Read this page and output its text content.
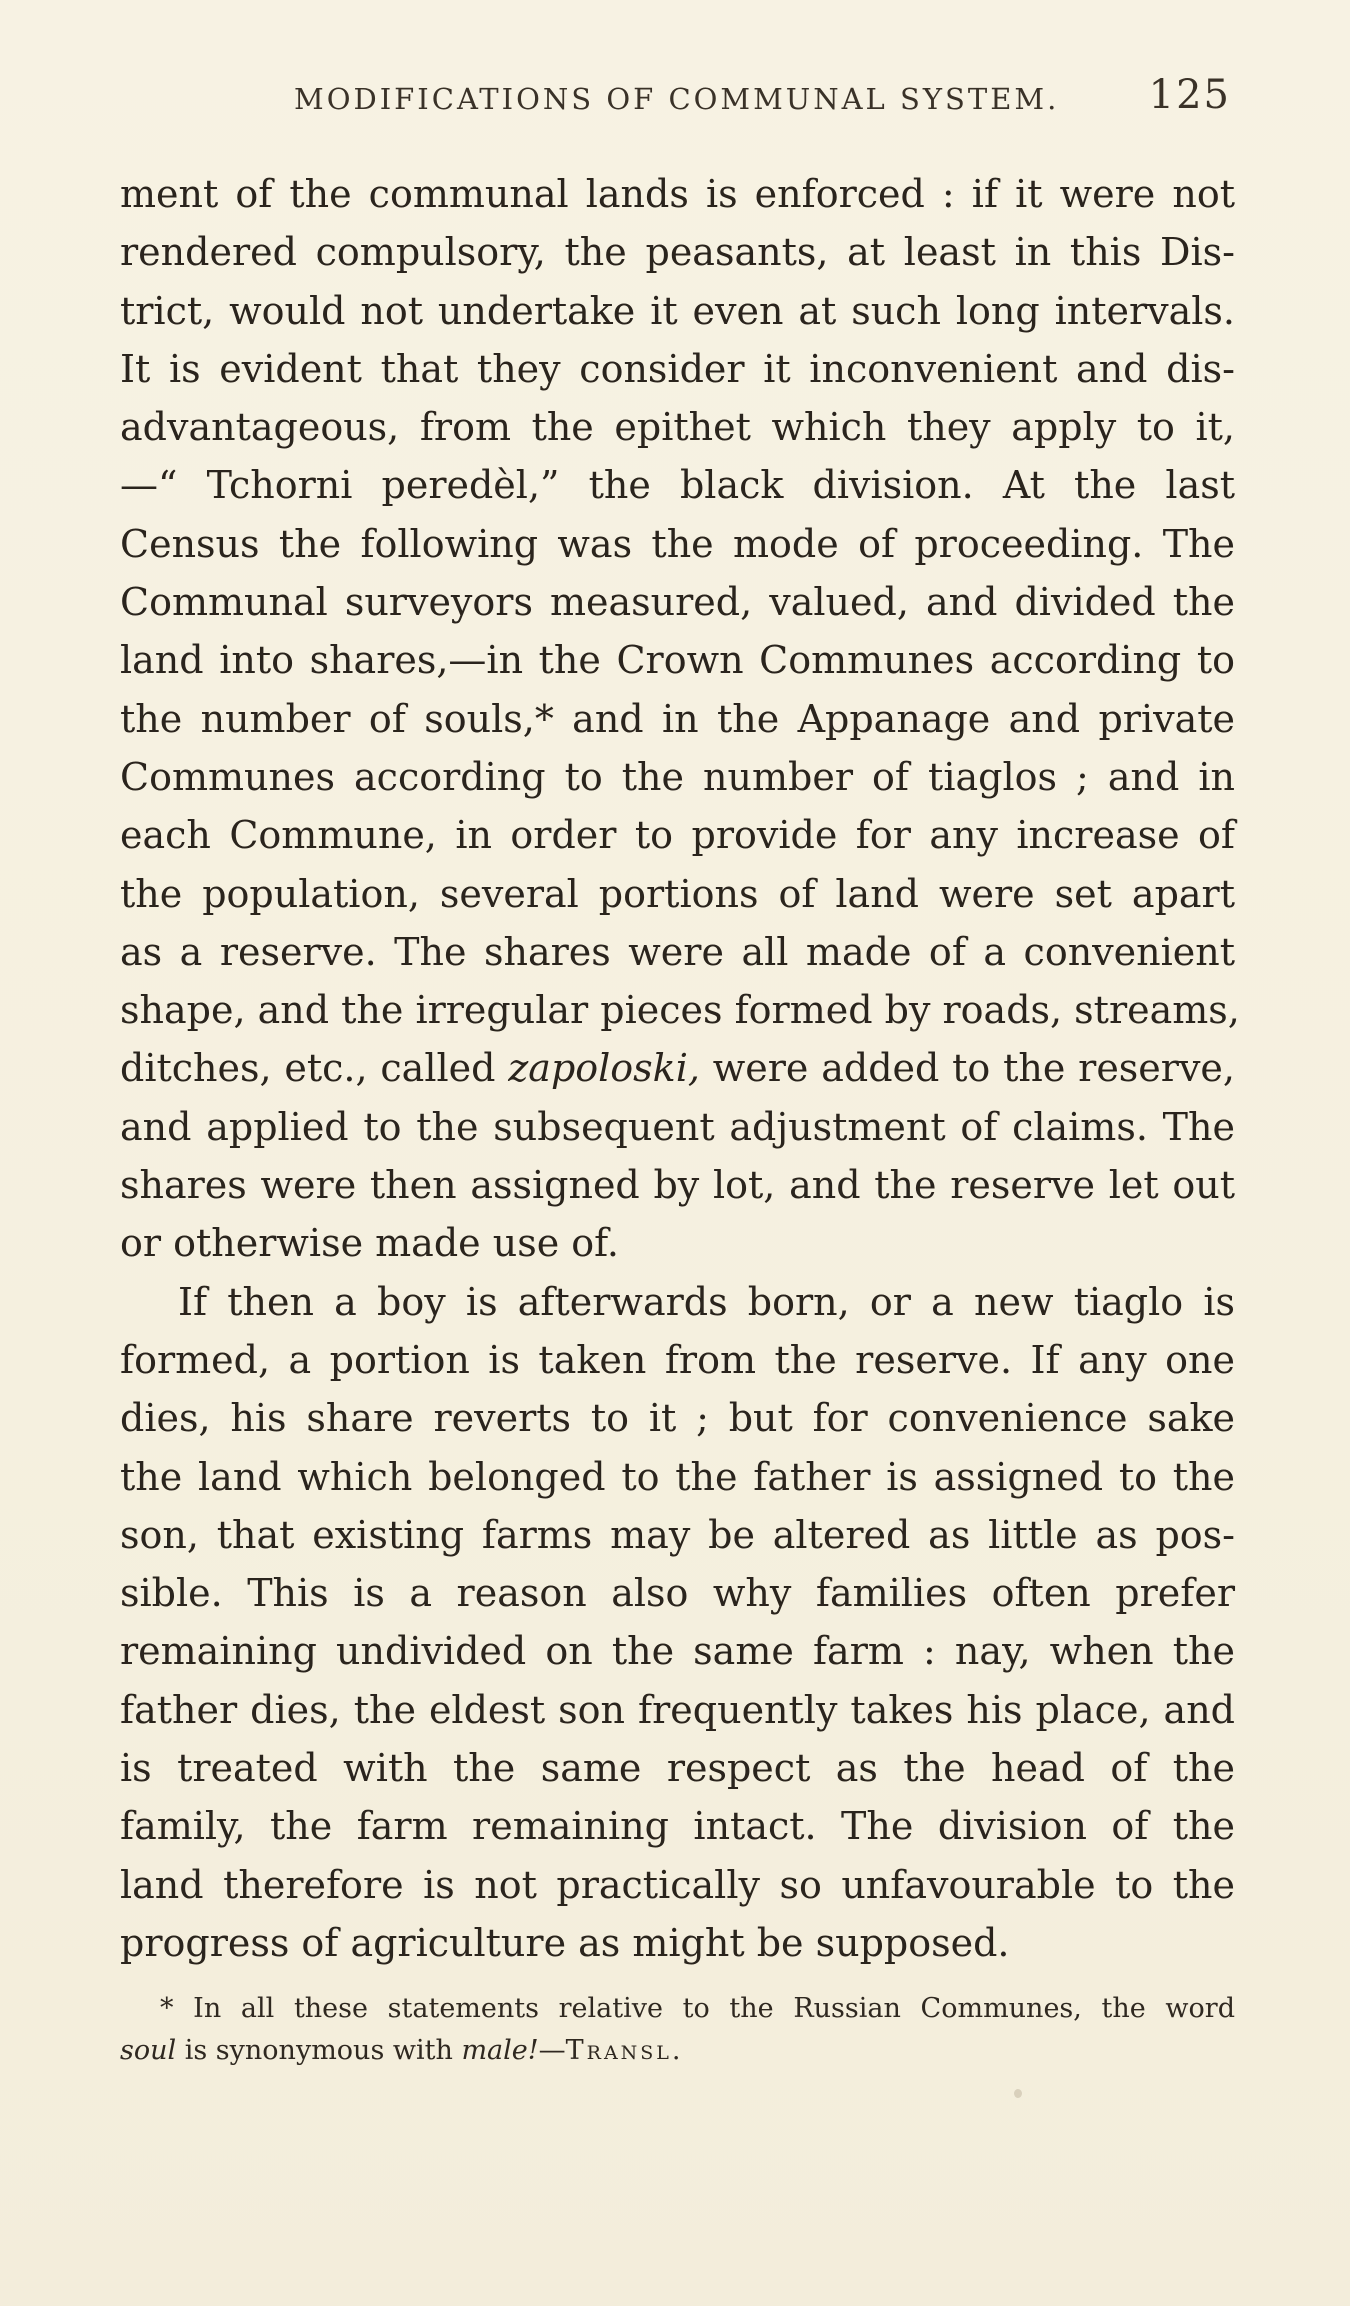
MODIFICATIONS OF COMMUNAL SYSTEM. 125
ment of the communal lands is enforced : if it were not
rendered compulsory, the peasants, at least in this Dis-
trict, would not undertake it even at such long intervals.
It is evident that they consider it inconvenient and dis-
advantageous, from the epithet which they apply to it,
—“ Tchorni peredèl,” the black division. At the last
Census the following was the mode of proceeding. The
Communal surveyors measured, valued, and divided the
land into shares,—in the Crown Communes according to
the number of souls,* and in the Appanage and private
Communes according to the number of tiaglos ; and in
each Commune, in order to provide for any increase of
the population, several portions of land were set apart
as a reserve. The shares were all made of a convenient
shape, and the irregular pieces formed by roads, streams,
ditches, etc., called zapoloski, were added to the reserve,
and applied to the subsequent adjustment of claims. The
shares were then assigned by lot, and the reserve let out
or otherwise made use of.
If then a boy is afterwards born, or a new tiaglo is
formed, a portion is taken from the reserve. If any one
dies, his share reverts to it ; but for convenience sake
the land which belonged to the father is assigned to the
son, that existing farms may be altered as little as pos-
sible. This is a reason also why families often prefer
remaining undivided on the same farm : nay, when the
father dies, the eldest son frequently takes his place, and
is treated with the same respect as the head of the
family, the farm remaining intact. The division of the
land therefore is not practically so unfavourable to the
progress of agriculture as might be supposed.
* In all these statements relative to the Russian Communes, the word
soul is synonymous with male!—Transl.
